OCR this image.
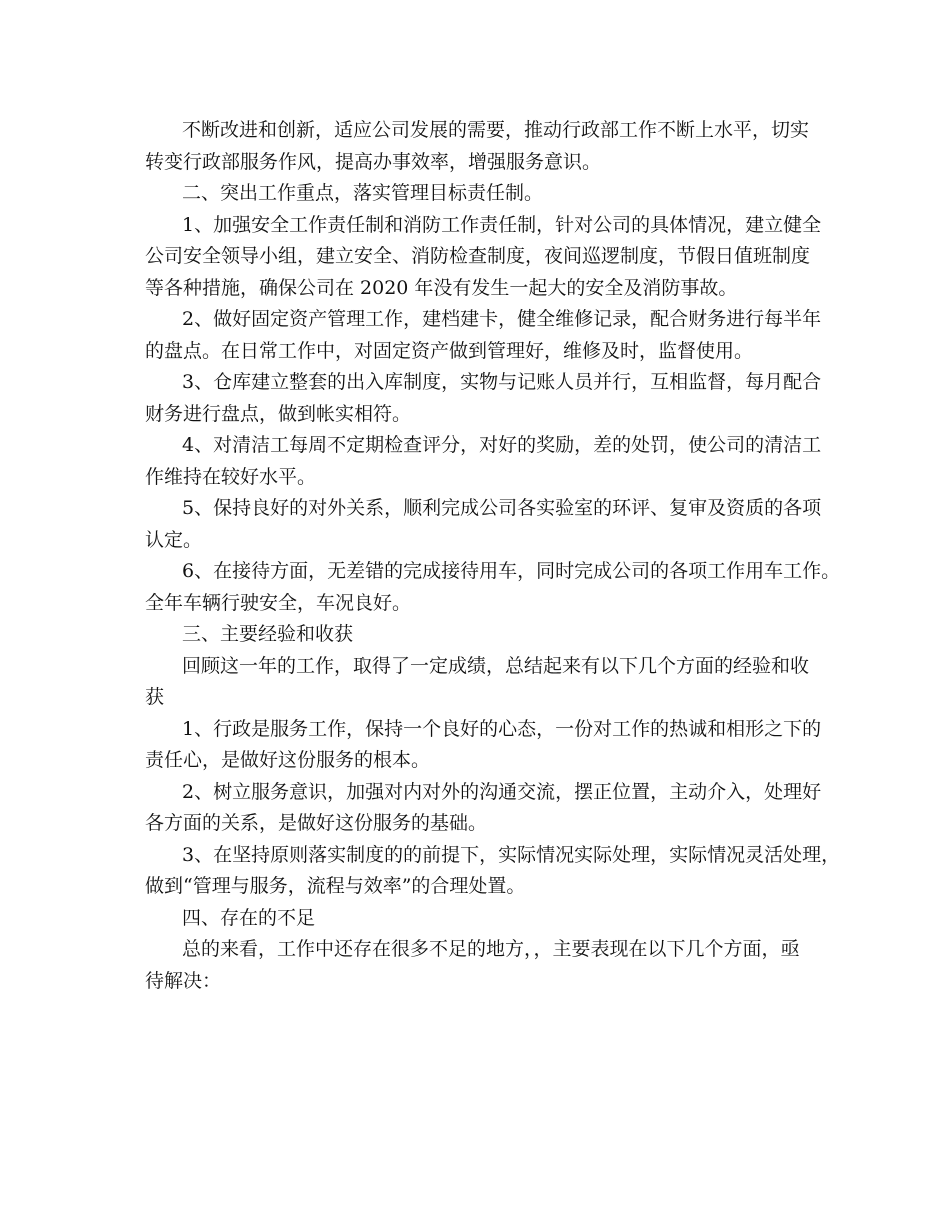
不断改进和创新，适应公司发展的需要，推动行政部工作不断上水平，切实
转变行政部服务作风，提高办事效率，增强服务意识。
二、突出工作重点，落实管理目标责任制。
1、加强安全工作责任制和消防工作责任制，针对公司的具体情况，建立健全
公司安全领导小组，建立安全、消防检查制度，夜间巡逻制度，节假日值班制度
等各种措施，确保公司在 2020 年没有发生一起大的安全及消防事故。
2、做好固定资产管理工作，建档建卡，健全维修记录，配合财务进行每半年
的盘点。在日常工作中，对固定资产做到管理好，维修及时，监督使用。
3、仓库建立整套的出入库制度，实物与记账人员并行，互相监督，每月配合
财务进行盘点，做到帐实相符。
4、对清洁工每周不定期检查评分，对好的奖励，差的处罚，使公司的清洁工
作维持在较好水平。
5、保持良好的对外关系，顺利完成公司各实验室的环评、复审及资质的各项
认定。
6、在接待方面，无差错的完成接待用车，同时完成公司的各项工作用车工作。
全年车辆行驶安全，车况良好。
三、主要经验和收获
回顾这一年的工作，取得了一定成绩，总结起来有以下几个方面的经验和收
获
1、行政是服务工作，保持一个良好的心态，一份对工作的热诚和相形之下的
责任心，是做好这份服务的根本。
2、树立服务意识，加强对内对外的沟通交流，摆正位置，主动介入，处理好
各方面的关系，是做好这份服务的基础。
3、在坚持原则落实制度的的前提下，实际情况实际处理，实际情况灵活处理，
做到“管理与服务，流程与效率”的合理处置。
四、存在的不足
总的来看，工作中还存在很多不足的地方，，主要表现在以下几个方面，亟
待解决：
